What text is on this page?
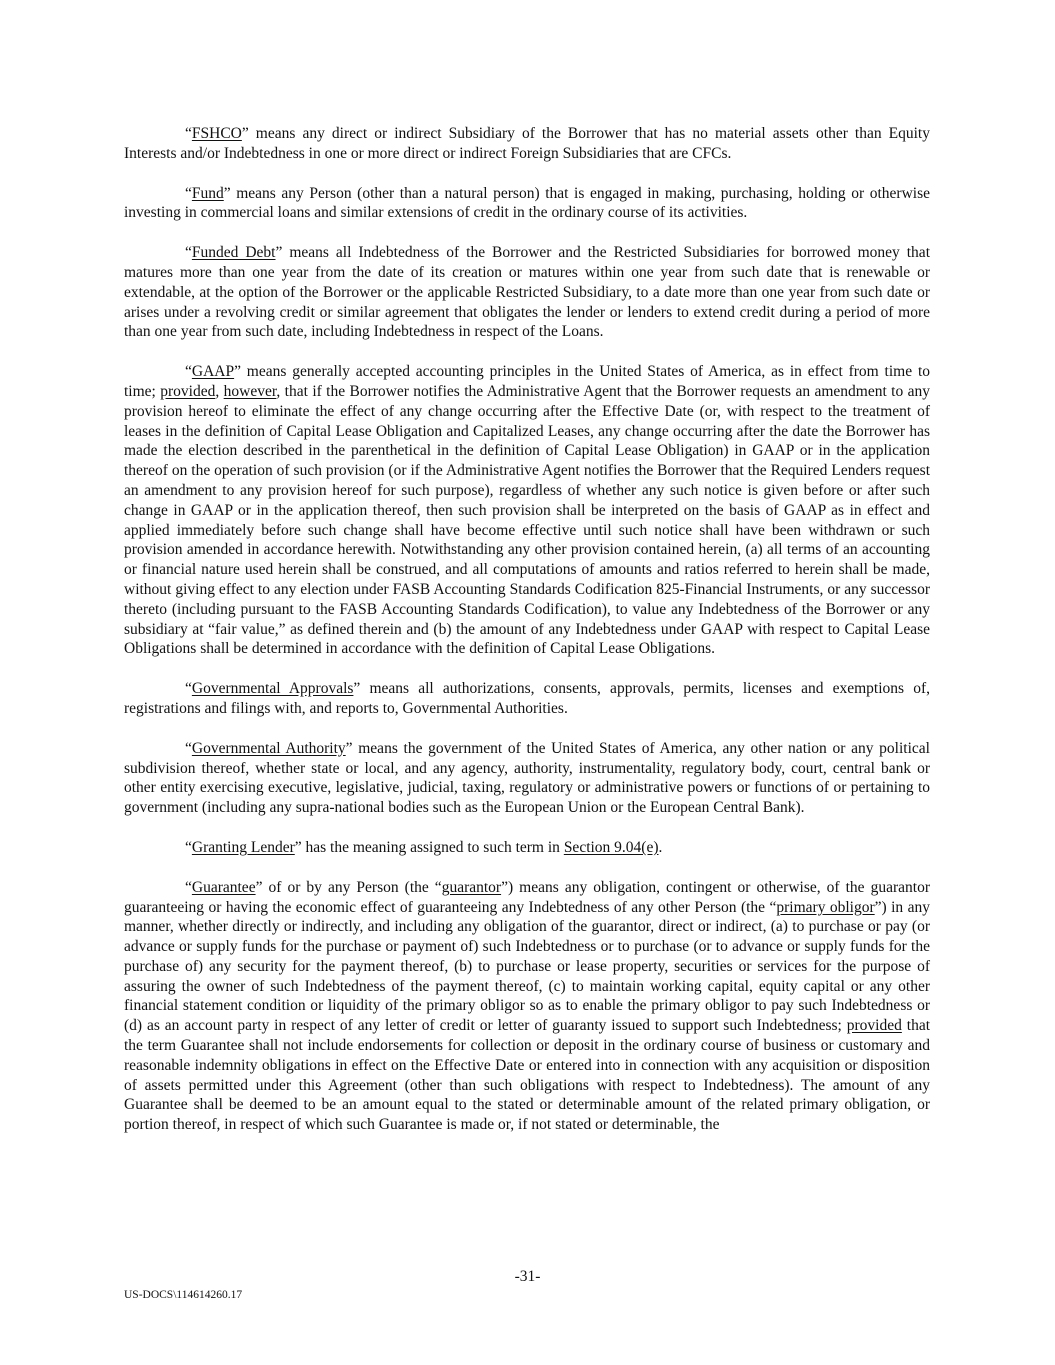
“FSHCO” means any direct or indirect Subsidiary of the Borrower that has no material assets other than Equity Interests and/or Indebtedness in one or more direct or indirect Foreign Subsidiaries that are CFCs.

“Fund” means any Person (other than a natural person) that is engaged in making, purchasing, holding or otherwise investing in commercial loans and similar extensions of credit in the ordinary course of its activities.

“Funded Debt” means all Indebtedness of the Borrower and the Restricted Subsidiaries for borrowed money that matures more than one year from the date of its creation or matures within one year from such date that is renewable or extendable, at the option of the Borrower or the applicable Restricted Subsidiary, to a date more than one year from such date or arises under a revolving credit or similar agreement that obligates the lender or lenders to extend credit during a period of more than one year from such date, including Indebtedness in respect of the Loans.

“GAAP” means generally accepted accounting principles in the United States of America, as in effect from time to time; provided, however, that if the Borrower notifies the Administrative Agent that the Borrower requests an amendment to any provision hereof to eliminate the effect of any change occurring after the Effective Date (or, with respect to the treatment of leases in the definition of Capital Lease Obligation and Capitalized Leases, any change occurring after the date the Borrower has made the election described in the parenthetical in the definition of Capital Lease Obligation) in GAAP or in the application thereof on the operation of such provision (or if the Administrative Agent notifies the Borrower that the Required Lenders request an amendment to any provision hereof for such purpose), regardless of whether any such notice is given before or after such change in GAAP or in the application thereof, then such provision shall be interpreted on the basis of GAAP as in effect and applied immediately before such change shall have become effective until such notice shall have been withdrawn or such provision amended in accordance herewith. Notwithstanding any other provision contained herein, (a) all terms of an accounting or financial nature used herein shall be construed, and all computations of amounts and ratios referred to herein shall be made, without giving effect to any election under FASB Accounting Standards Codification 825-Financial Instruments, or any successor thereto (including pursuant to the FASB Accounting Standards Codification), to value any Indebtedness of the Borrower or any subsidiary at “fair value,” as defined therein and (b) the amount of any Indebtedness under GAAP with respect to Capital Lease Obligations shall be determined in accordance with the definition of Capital Lease Obligations.

“Governmental Approvals” means all authorizations, consents, approvals, permits, licenses and exemptions of, registrations and filings with, and reports to, Governmental Authorities.

“Governmental Authority” means the government of the United States of America, any other nation or any political subdivision thereof, whether state or local, and any agency, authority, instrumentality, regulatory body, court, central bank or other entity exercising executive, legislative, judicial, taxing, regulatory or administrative powers or functions of or pertaining to government (including any supra-national bodies such as the European Union or the European Central Bank).

“Granting Lender” has the meaning assigned to such term in Section 9.04(e).

“Guarantee” of or by any Person (the “guarantor”) means any obligation, contingent or otherwise, of the guarantor guaranteeing or having the economic effect of guaranteeing any Indebtedness of any other Person (the “primary obligor”) in any manner, whether directly or indirectly, and including any obligation of the guarantor, direct or indirect, (a) to purchase or pay (or advance or supply funds for the purchase or payment of) such Indebtedness or to purchase (or to advance or supply funds for the purchase of) any security for the payment thereof, (b) to purchase or lease property, securities or services for the purpose of assuring the owner of such Indebtedness of the payment thereof, (c) to maintain working capital, equity capital or any other financial statement condition or liquidity of the primary obligor so as to enable the primary obligor to pay such Indebtedness or (d) as an account party in respect of any letter of credit or letter of guaranty issued to support such Indebtedness; provided that the term Guarantee shall not include endorsements for collection or deposit in the ordinary course of business or customary and reasonable indemnity obligations in effect on the Effective Date or entered into in connection with any acquisition or disposition of assets permitted under this Agreement (other than such obligations with respect to Indebtedness). The amount of any Guarantee shall be deemed to be an amount equal to the stated or determinable amount of the related primary obligation, or portion thereof, in respect of which such Guarantee is made or, if not stated or determinable, the

-31-
US-DOCS\114614260.17
